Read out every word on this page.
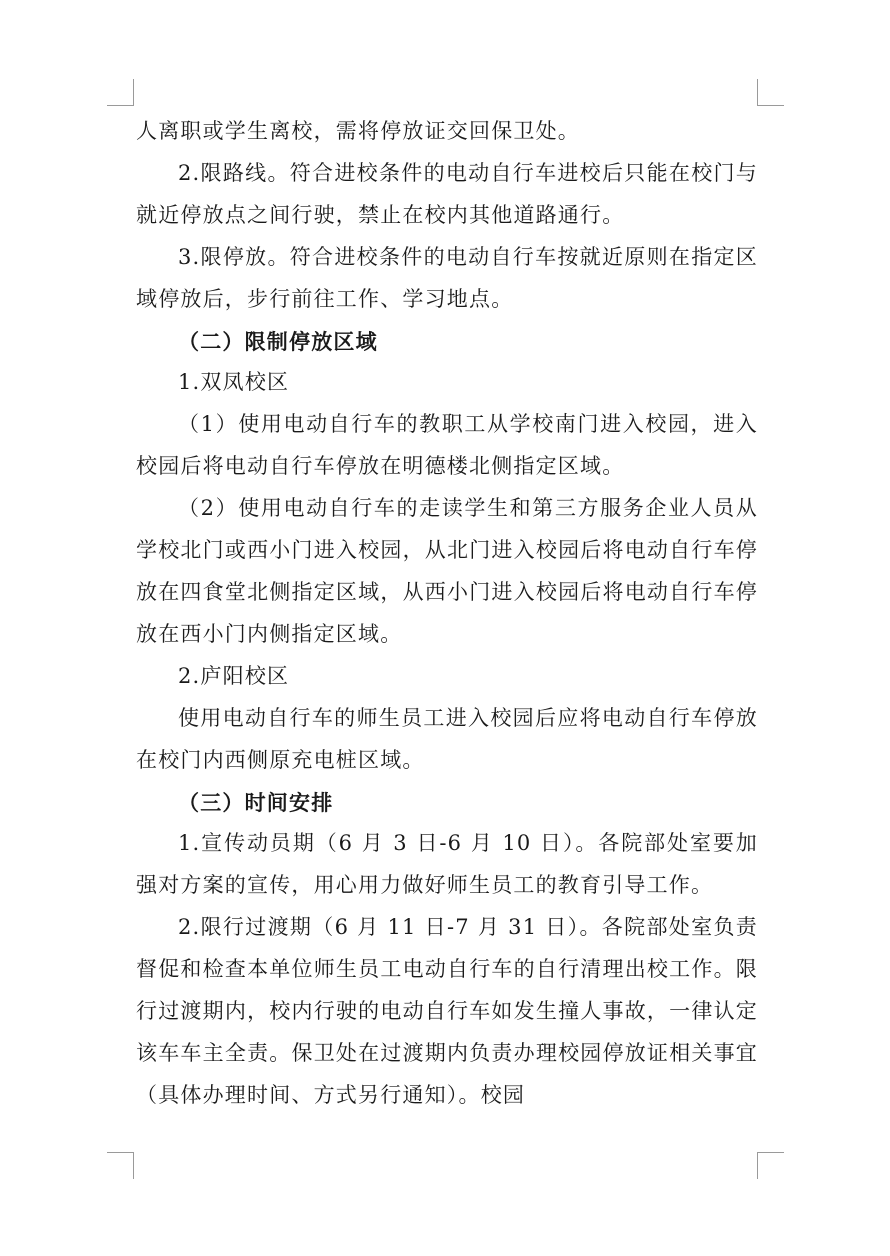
人离职或学生离校，需将停放证交回保卫处。

2.限路线。符合进校条件的电动自行车进校后只能在校门与就近停放点之间行驶，禁止在校内其他道路通行。

3.限停放。符合进校条件的电动自行车按就近原则在指定区域停放后，步行前往工作、学习地点。

（二）限制停放区域

1.双凤校区

（1）使用电动自行车的教职工从学校南门进入校园，进入校园后将电动自行车停放在明德楼北侧指定区域。

（2）使用电动自行车的走读学生和第三方服务企业人员从学校北门或西小门进入校园，从北门进入校园后将电动自行车停放在四食堂北侧指定区域，从西小门进入校园后将电动自行车停放在西小门内侧指定区域。

2.庐阳校区

使用电动自行车的师生员工进入校园后应将电动自行车停放在校门内西侧原充电桩区域。

（三）时间安排

1.宣传动员期（6 月 3 日-6 月 10 日）。各院部处室要加强对方案的宣传，用心用力做好师生员工的教育引导工作。

2.限行过渡期（6 月 11 日-7 月 31 日）。各院部处室负责督促和检查本单位师生员工电动自行车的自行清理出校工作。限行过渡期内，校内行驶的电动自行车如发生撞人事故，一律认定该车车主全责。保卫处在过渡期内负责办理校园停放证相关事宜（具体办理时间、方式另行通知）。校园
